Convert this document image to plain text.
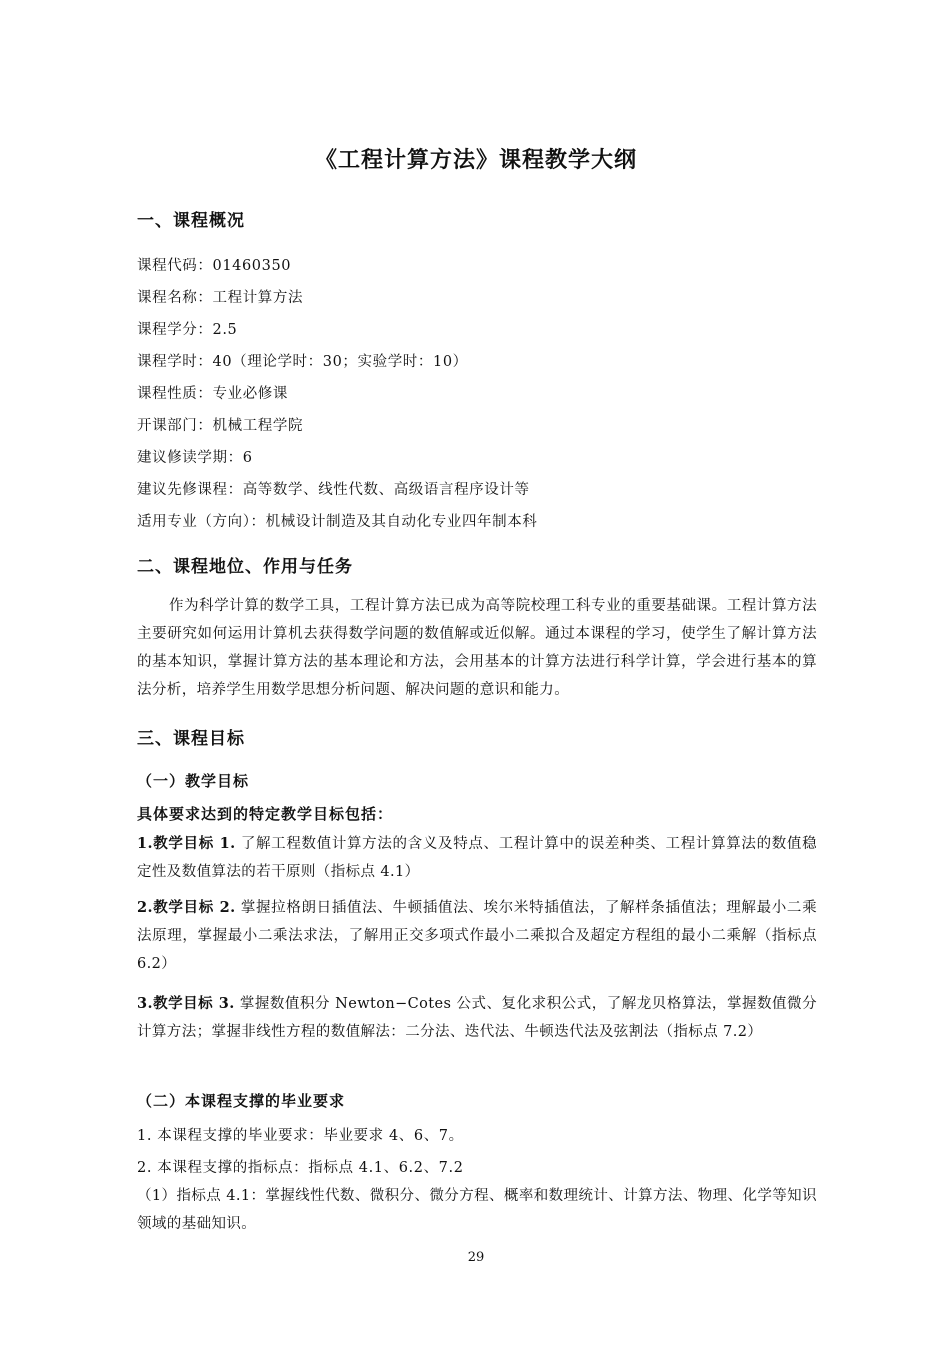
《工程计算方法》课程教学大纲
一、课程概况
课程代码：01460350
课程名称：工程计算方法
课程学分：2.5
课程学时：40（理论学时：30；实验学时：10）
课程性质：专业必修课
开课部门：机械工程学院
建议修读学期：6
建议先修课程：高等数学、线性代数、高级语言程序设计等
适用专业（方向）：机械设计制造及其自动化专业四年制本科
二、课程地位、作用与任务
作为科学计算的数学工具，工程计算方法已成为高等院校理工科专业的重要基础课。工程计算方法主要研究如何运用计算机去获得数学问题的数值解或近似解。通过本课程的学习，使学生了解计算方法的基本知识，掌握计算方法的基本理论和方法，会用基本的计算方法进行科学计算，学会进行基本的算法分析，培养学生用数学思想分析问题、解决问题的意识和能力。
三、课程目标
（一）教学目标
具体要求达到的特定教学目标包括：
1.教学目标 1. 了解工程数值计算方法的含义及特点、工程计算中的误差种类、工程计算算法的数值稳定性及数值算法的若干原则（指标点 4.1）
2.教学目标 2. 掌握拉格朗日插值法、牛顿插值法、埃尔米特插值法，了解样条插值法；理解最小二乘法原理，掌握最小二乘法求法，了解用正交多项式作最小二乘拟合及超定方程组的最小二乘解（指标点 6.2）
3.教学目标 3. 掌握数值积分 Newton−Cotes 公式、复化求积公式，了解龙贝格算法，掌握数值微分计算方法；掌握非线性方程的数值解法：二分法、迭代法、牛顿迭代法及弦割法（指标点 7.2）
（二）本课程支撑的毕业要求
1. 本课程支撑的毕业要求：毕业要求 4、6、7。
2. 本课程支撑的指标点：指标点 4.1、6.2、7.2
（1）指标点 4.1：掌握线性代数、微积分、微分方程、概率和数理统计、计算方法、物理、化学等知识领域的基础知识。
29
